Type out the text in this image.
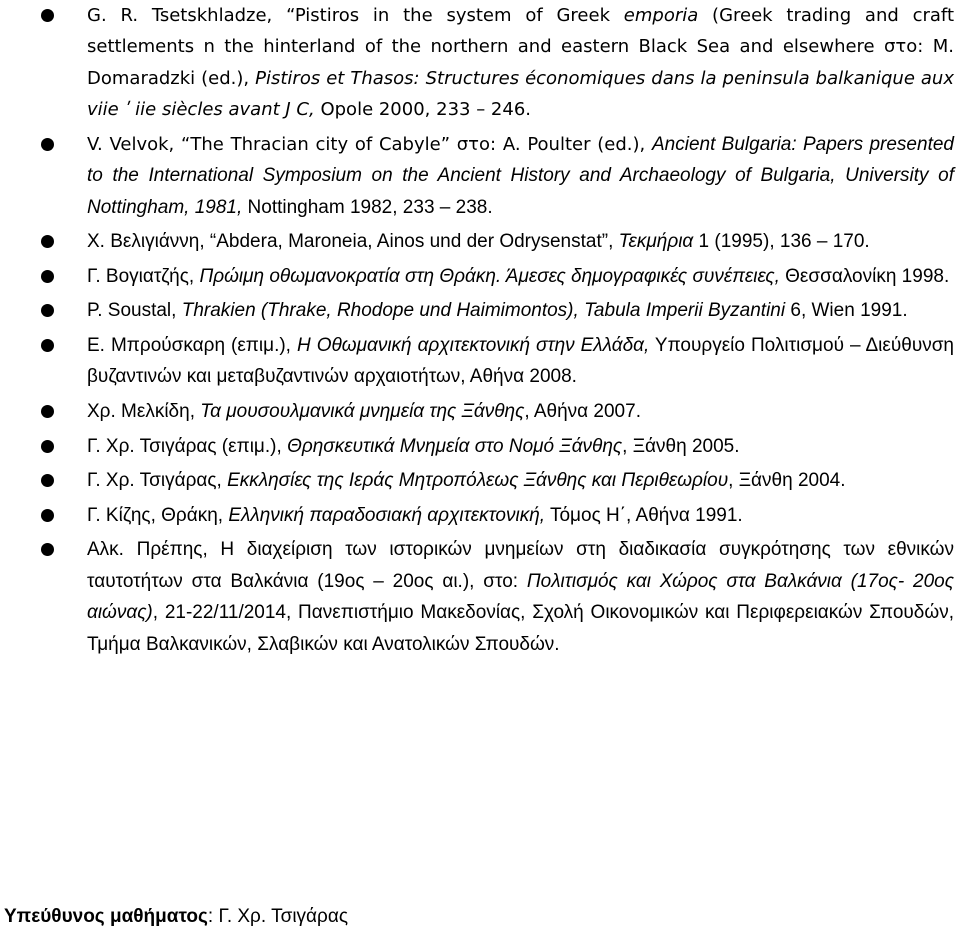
G. R. Tsetskhladze, “Pistiros in the system of Greek emporia (Greek trading and craft settlements n the hinterland of the northern and eastern Black Sea and elsewhere στο: M. Domaradzki (ed.), Pistiros et Thasos: Structures économiques dans la peninsula balkanique aux viie ʹ iie siècles avant J C, Opole 2000, 233 – 246.
V. Velvok, “The Thracian city of Cabyle” στο: A. Poulter (ed.), Ancient Bulgaria: Papers presented to the International Symposium on the Ancient History and Archaeology of Bulgaria, University of Nottingham, 1981, Nottingham 1982, 233 – 238.
Χ. Βελιγιάννη, “Abdera, Maroneia, Ainos und der Odrysenstat”, Τεκμήρια 1 (1995), 136 – 170.
Γ. Βογιατζής, Πρώιμη οθωμανοκρατία στη Θράκη. Άμεσες δημογραφικές συνέπειες, Θεσσαλονίκη 1998.
P. Soustal, Thrakien (Thrake, Rhodope und Haimimontos), Tabula Imperii Byzantini 6, Wien 1991.
Ε. Μπρούσκαρη (επιμ.), Η Οθωμανική αρχιτεκτονική στην Ελλάδα, Υπουργείο Πολιτισμού – Διεύθυνση βυζαντινών και μεταβυζαντινών αρχαιοτήτων, Αθήνα 2008.
Χρ. Μελκίδη, Τα μουσουλμανικά μνημεία της Ξάνθης, Αθήνα 2007.
Γ. Χρ. Τσιγάρας (επιμ.), Θρησκευτικά Μνημεία στο Νομό Ξάνθης, Ξάνθη 2005.
Γ. Χρ. Τσιγάρας, Εκκλησίες της Ιεράς Μητροπόλεως Ξάνθης και Περιθεωρίου, Ξάνθη 2004.
Γ. Κίζης, Θράκη, Ελληνική παραδοσιακή αρχιτεκτονική, Τόμος Η΄, Αθήνα 1991.
Αλκ. Πρέπης, Η διαχείριση των ιστορικών μνημείων στη διαδικασία συγκρότησης των εθνικών ταυτοτήτων στα Βαλκάνια (19ος – 20ος αι.), στο: Πολιτισμός και Χώρος στα Βαλκάνια (17ος- 20ος αιώνας), 21-22/11/2014, Πανεπιστήμιο Μακεδονίας, Σχολή Οικονομικών και Περιφερειακών Σπουδών, Τμήμα Βαλκανικών, Σλαβικών και Ανατολικών Σπουδών.
Υπεύθυνος μαθήματος: Γ. Χρ. Τσιγάρας
